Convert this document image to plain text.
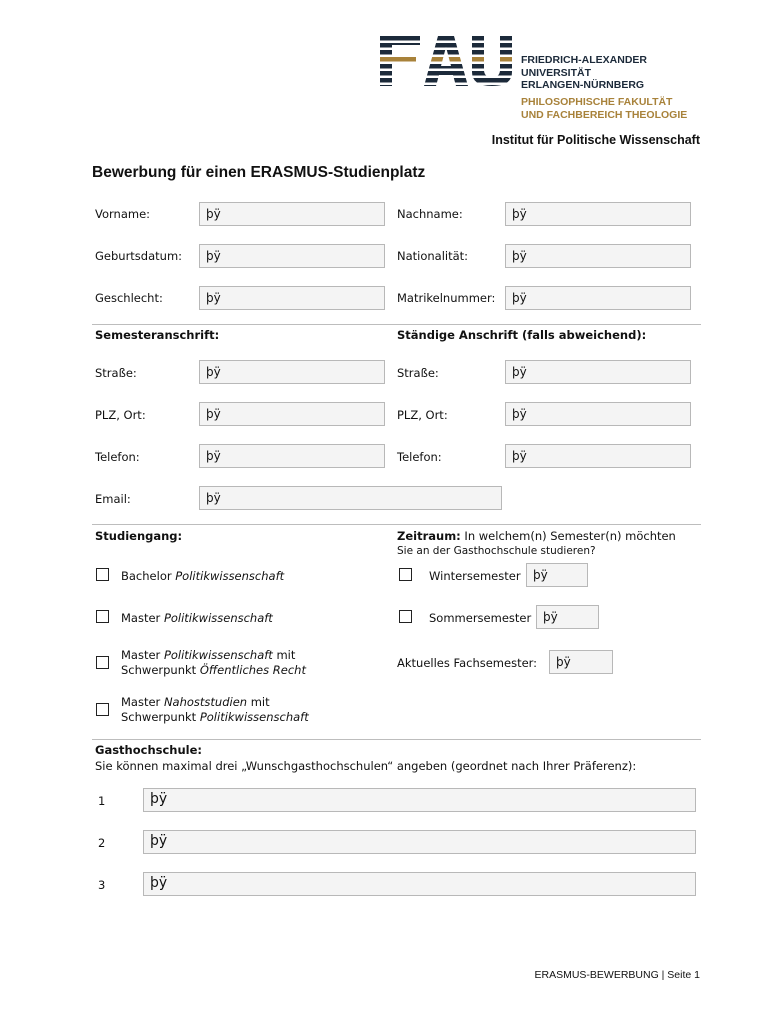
FRIEDRICH-ALEXANDER
UNIVERSITÄT
ERLANGEN-NÜRNBERG
PHILOSOPHISCHE FAKULTÄT
UND FACHBEREICH THEOLOGIE
Institut für Politische Wissenschaft
Bewerbung für einen ERASMUS-Studienplatz
Vorname:	þÿ	Nachname:	þÿ
Geburtsdatum:	þÿ	Nationalität:	þÿ
Geschlecht:	þÿ	Matrikelnummer:	þÿ
Semesteranschrift:	Ständige Anschrift (falls abweichend):
Straße:	þÿ	Straße:	þÿ
PLZ, Ort:	þÿ	PLZ, Ort:	þÿ
Telefon:	þÿ	Telefon:	þÿ
Email:	þÿ
Studiengang:
Bachelor Politikwissenschaft
Master Politikwissenschaft
Master Politikwissenschaft mit
Schwerpunkt Öffentliches Recht
Master Nahoststudien mit
Schwerpunkt Politikwissenschaft
Zeitraum: In welchem(n) Semester(n) möchten
Sie an der Gasthochschule studieren?
Wintersemester	þÿ
Sommersemester þÿ
Aktuelles Fachsemester:	þÿ
Gasthochschule:
Sie können maximal drei „Wunschgasthochschulen“ angeben (geordnet nach Ihrer Präferenz):
1	þÿ
2	þÿ
3	þÿ
ERASMUS-BEWERBUNG | Seite 1
